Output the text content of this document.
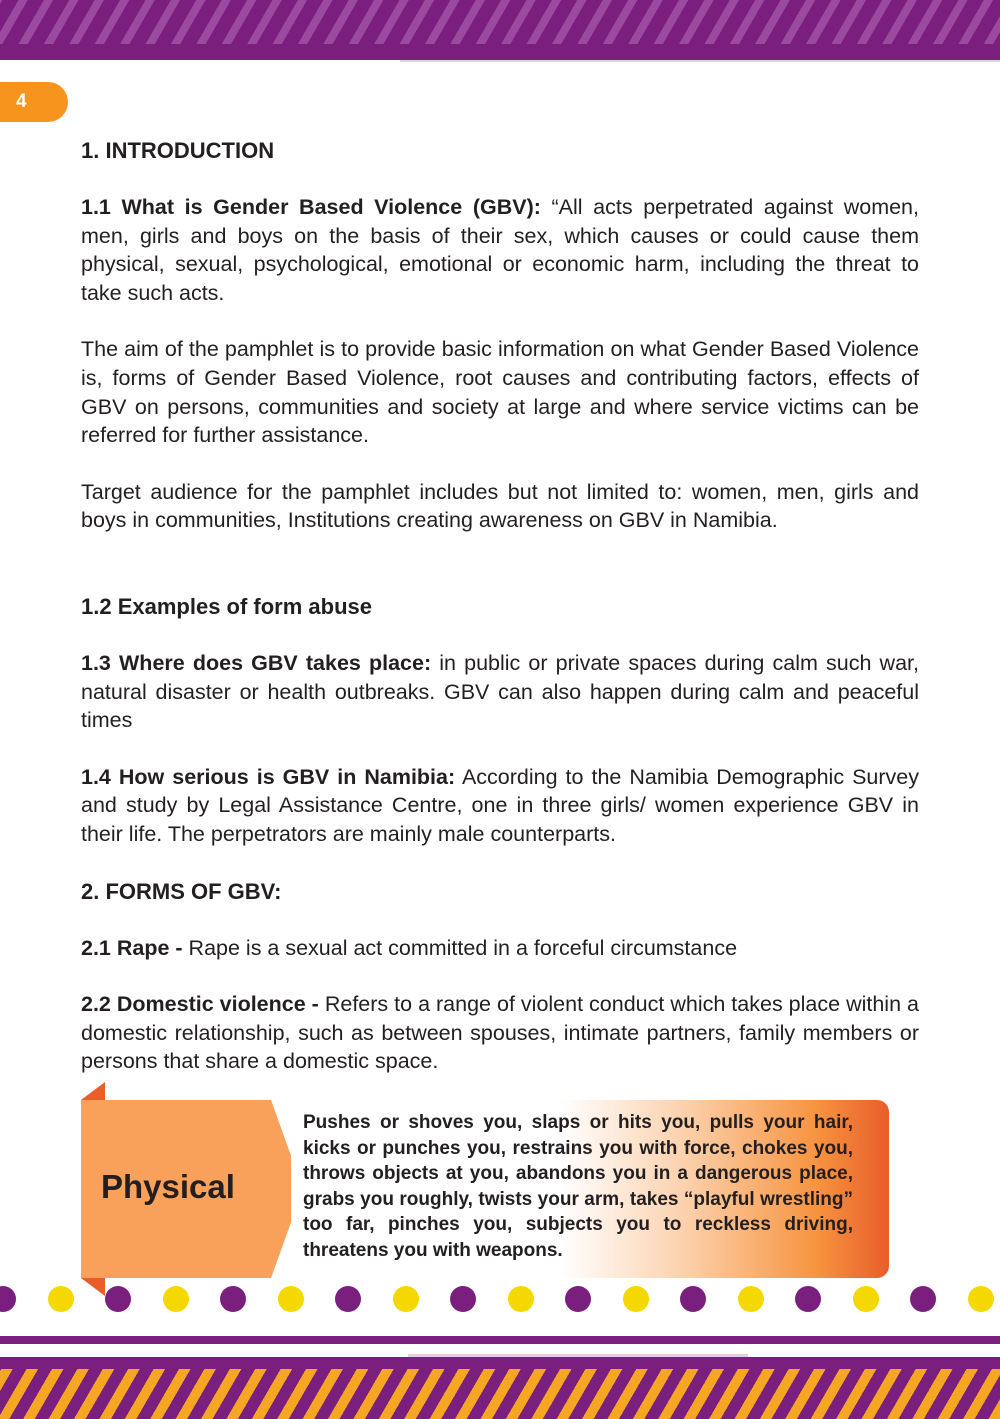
4
1. INTRODUCTION

1.1 What is Gender Based Violence (GBV): “All acts perpetrated against women, men, girls and boys on the basis of their sex, which causes or could cause them physical, sexual, psychological, emotional or economic harm, including the threat to take such acts.

The aim of the pamphlet is to provide basic information on what Gender Based Violence is, forms of Gender Based Violence, root causes and contributing factors, effects of GBV on persons, communities and society at large and where service victims can be referred for further assistance.

Target audience for the pamphlet includes but not limited to: women, men, girls and boys in communities, Institutions creating awareness on GBV in Namibia.

1.2 Examples of form abuse

1.3 Where does GBV takes place: in public or private spaces during calm such war, natural disaster or health outbreaks. GBV can also happen during calm and peaceful times

1.4 How serious is GBV in Namibia: According to the Namibia Demographic Survey and study by Legal Assistance Centre, one in three girls/ women experience GBV in their life. The perpetrators are mainly male counterparts.

2. FORMS OF GBV:

2.1 Rape - Rape is a sexual act committed in a forceful circumstance

2.2 Domestic violence - Refers to a range of violent conduct which takes place within a domestic relationship, such as between spouses, intimate partners, family members or persons that share a domestic space.

Physical
Pushes or shoves you, slaps or hits you, pulls your hair, kicks or punches you, restrains you with force, chokes you, throws objects at you, abandons you in a dangerous place, grabs you roughly, twists your arm, takes “playful wrestling” too far, pinches you, subjects you to reckless driving, threatens you with weapons.
